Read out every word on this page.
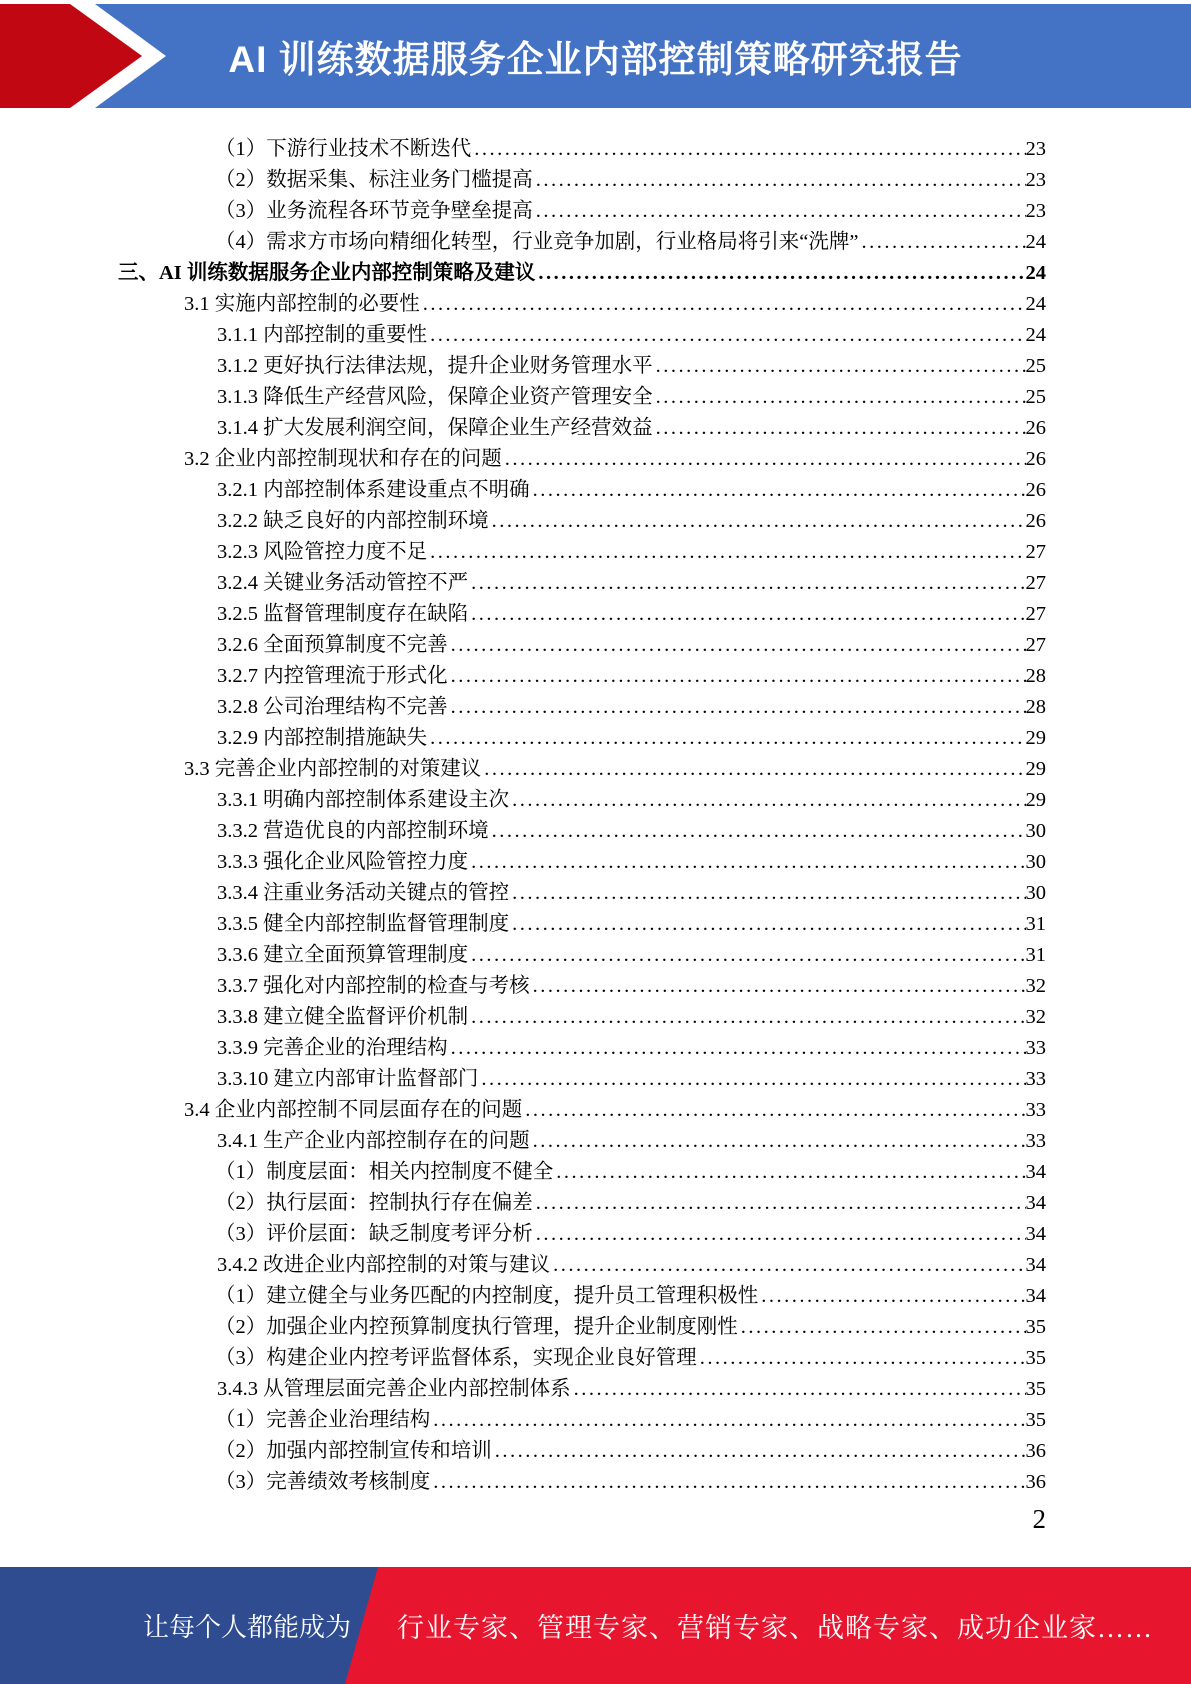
AI 训练数据服务企业内部控制策略研究报告
（1）下游行业技术不断迭代 .....	23
（2）数据采集、标注业务门槛提高 .....	23
（3）业务流程各环节竞争壁垒提高 .....	23
（4）需求方市场向精细化转型，行业竞争加剧，行业格局将引来“洗牌” .....	24
三、AI 训练数据服务企业内部控制策略及建议 .....	24
3.1 实施内部控制的必要性 .....	24
3.1.1 内部控制的重要性 .....	24
3.1.2 更好执行法律法规，提升企业财务管理水平 .....	25
3.1.3 降低生产经营风险，保障企业资产管理安全 .....	25
3.1.4 扩大发展利润空间，保障企业生产经营效益 .....	26
3.2 企业内部控制现状和存在的问题 .....	26
3.2.1 内部控制体系建设重点不明确 .....	26
3.2.2 缺乏良好的内部控制环境 .....	26
3.2.3 风险管控力度不足 .....	27
3.2.4 关键业务活动管控不严 .....	27
3.2.5 监督管理制度存在缺陷 .....	27
3.2.6 全面预算制度不完善 .....	27
3.2.7 内控管理流于形式化 .....	28
3.2.8 公司治理结构不完善 .....	28
3.2.9 内部控制措施缺失 .....	29
3.3 完善企业内部控制的对策建议 .....	29
3.3.1 明确内部控制体系建设主次 .....	29
3.3.2 营造优良的内部控制环境 .....	30
3.3.3 强化企业风险管控力度 .....	30
3.3.4 注重业务活动关键点的管控 .....	30
3.3.5 健全内部控制监督管理制度 .....	31
3.3.6 建立全面预算管理制度 .....	31
3.3.7 强化对内部控制的检查与考核 .....	32
3.3.8 建立健全监督评价机制 .....	32
3.3.9 完善企业的治理结构 .....	33
3.3.10 建立内部审计监督部门 .....	33
3.4 企业内部控制不同层面存在的问题 .....	33
3.4.1 生产企业内部控制存在的问题 .....	33
（1）制度层面：相关内控制度不健全 .....	34
（2）执行层面：控制执行存在偏差 .....	34
（3）评价层面：缺乏制度考评分析 .....	34
3.4.2 改进企业内部控制的对策与建议 .....	34
（1）建立健全与业务匹配的内控制度，提升员工管理积极性 .....	34
（2）加强企业内控预算制度执行管理，提升企业制度刚性 .....	35
（3）构建企业内控考评监督体系，实现企业良好管理 .....	35
3.4.3 从管理层面完善企业内部控制体系 .....	35
（1）完善企业治理结构 .....	35
（2）加强内部控制宣传和培训 .....	36
（3）完善绩效考核制度 .....	36
2
让每个人都能成为 行业专家、管理专家、营销专家、战略专家、成功企业家……
